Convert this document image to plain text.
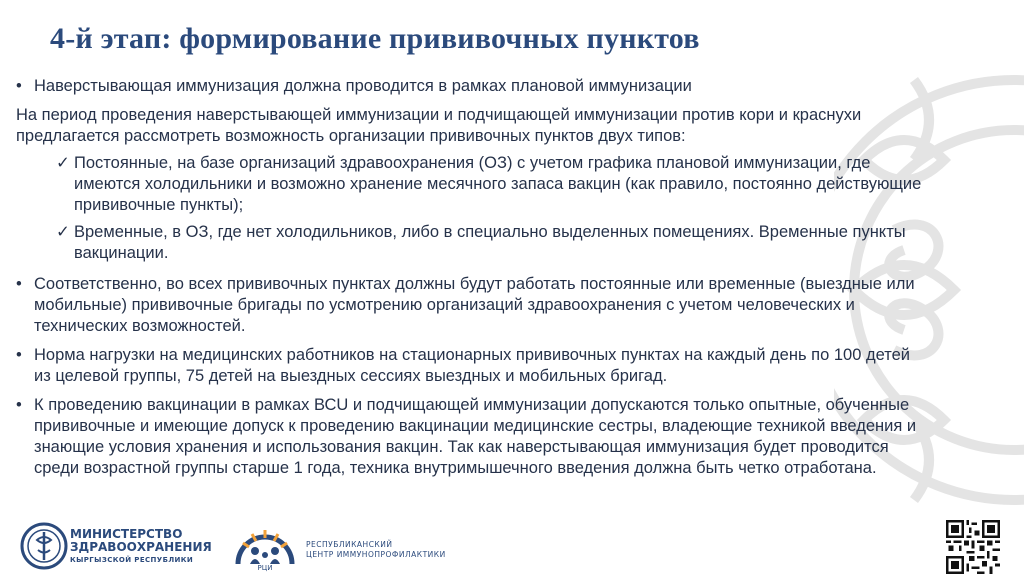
4-й этап: формирование прививочных пунктов
• Наверстывающая иммунизация должна проводится в рамках плановой иммунизации
На период проведения наверстывающей иммунизации и подчищающей иммунизации против кори и краснухи предлагается рассмотреть возможность организации прививочных пунктов двух типов:
✓ Постоянные, на базе организаций здравоохранения (ОЗ) с учетом графика плановой иммунизации, где имеются холодильники и возможно хранение месячного запаса вакцин (как правило, постоянно действующие прививочные пункты);
✓ Временные, в ОЗ, где нет холодильников, либо в специально выделенных помещениях. Временные пункты вакцинации.
• Соответственно, во всех прививочных пунктах должны будут работать постоянные или временные (выездные или мобильные) прививочные бригады по усмотрению организаций здравоохранения с учетом человеческих и технических возможностей.
• Норма нагрузки на медицинских работников на стационарных прививочных пунктах на каждый день по 100 детей из целевой группы, 75 детей на выездных сессиях выездных и мобильных бригад.
• К проведению вакцинации в рамках ВСU и подчищающей иммунизации допускаются только опытные, обученные прививочные и имеющие допуск к проведению вакцинации медицинские сестры, владеющие техникой введения и знающие условия хранения и использования вакцин. Так как наверстывающая иммунизация будет проводится среди возрастной группы старше 1 года, техника внутримышечного введения должна быть четко отработана.
МИНИСТЕРСТВО
ЗДРАВООХРАНЕНИЯ
КЫРГЫЗСКОЙ РЕСПУБЛИКИ
РЦИ
РЕСПУБЛИКАНСКИЙ
ЦЕНТР ИММУНОПРОФИЛАКТИКИ
